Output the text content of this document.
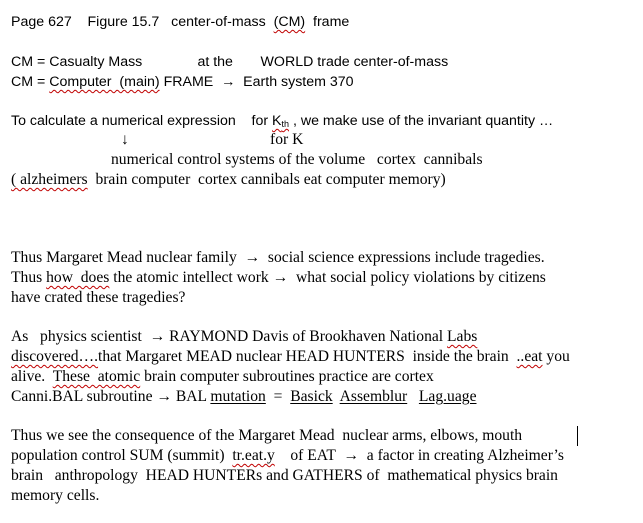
Page 627    Figure 15.7   center-of-mass  (CM)  frame
CM = Casualty Mass              at the       WORLD trade center-of-mass
CM = Computer  (main) FRAME  →  Earth system 370
To calculate a numerical expression    for $K_{th}$ , we make use of the invariant quantity …
↓	for K
numerical control systems of the volume   cortex  cannibals
( alzheimers  brain computer  cortex cannibals eat computer memory)
Thus Margaret Mead nuclear family  →  social science expressions include tragedies.
Thus how  does the atomic intellect work →  what social policy violations by citizens
have crated these tragedies?
As   physics scientist  → RAYMOND Davis of Brookhaven National Labs
discovered….that Margaret MEAD nuclear HEAD HUNTERS  inside the brain  ..eat you
alive.  These  atomic brain computer subroutines practice are cortex
Canni.BAL subroutine → BAL mutation  =  Basick Assemblur Lag.uage
Thus we see the consequence of the Margaret Mead  nuclear arms, elbows, mouth
population control SUM (summit)  tr.eat.y    of EAT  →  a factor in creating Alzheimer’s
brain   anthropology  HEAD HUNTERs and GATHERS of  mathematical physics brain
memory cells.
